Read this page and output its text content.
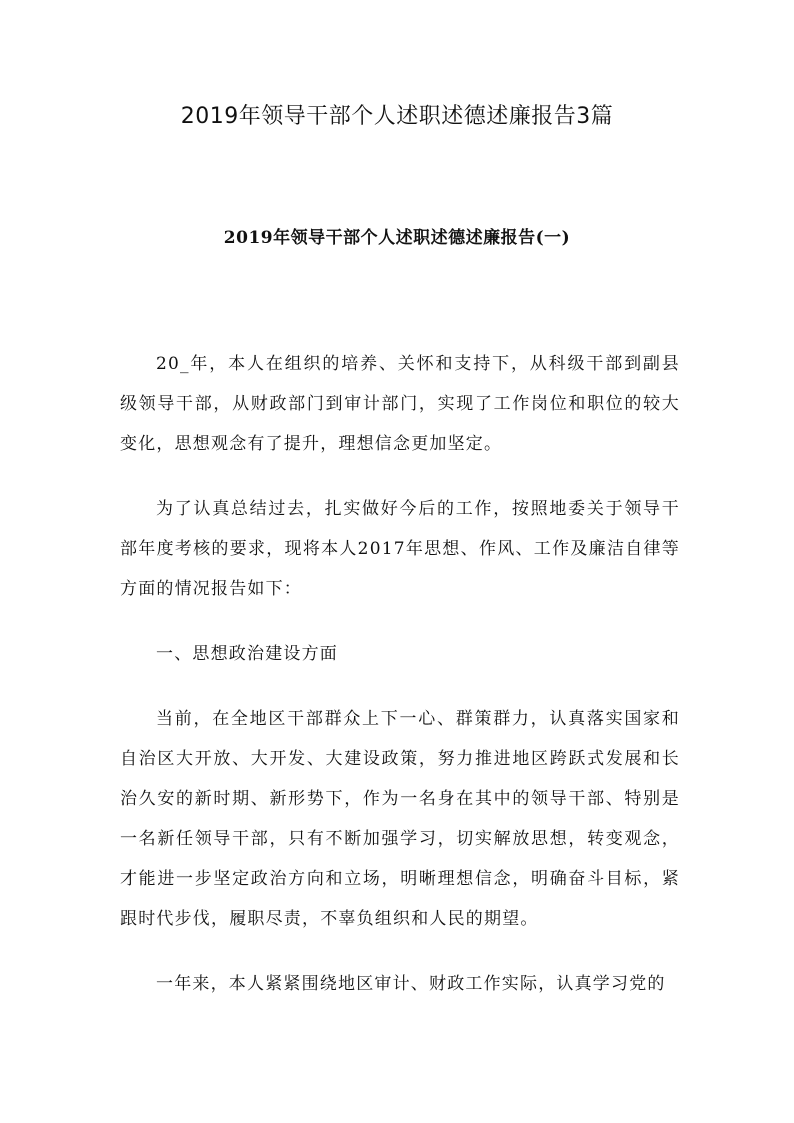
2019年领导干部个人述职述德述廉报告3篇
2019年领导干部个人述职述德述廉报告(一)

20_年，本人在组织的培养、关怀和支持下，从科级干部到副县级领导干部，从财政部门到审计部门，实现了工作岗位和职位的较大变化，思想观念有了提升，理想信念更加坚定。

为了认真总结过去，扎实做好今后的工作，按照地委关于领导干部年度考核的要求，现将本人2017年思想、作风、工作及廉洁自律等方面的情况报告如下：

一、思想政治建设方面

当前，在全地区干部群众上下一心、群策群力，认真落实国家和自治区大开放、大开发、大建设政策，努力推进地区跨跃式发展和长治久安的新时期、新形势下，作为一名身在其中的领导干部、特别是一名新任领导干部，只有不断加强学习，切实解放思想，转变观念，才能进一步坚定政治方向和立场，明晰理想信念，明确奋斗目标，紧跟时代步伐，履职尽责，不辜负组织和人民的期望。

一年来，本人紧紧围绕地区审计、财政工作实际，认真学习党的
